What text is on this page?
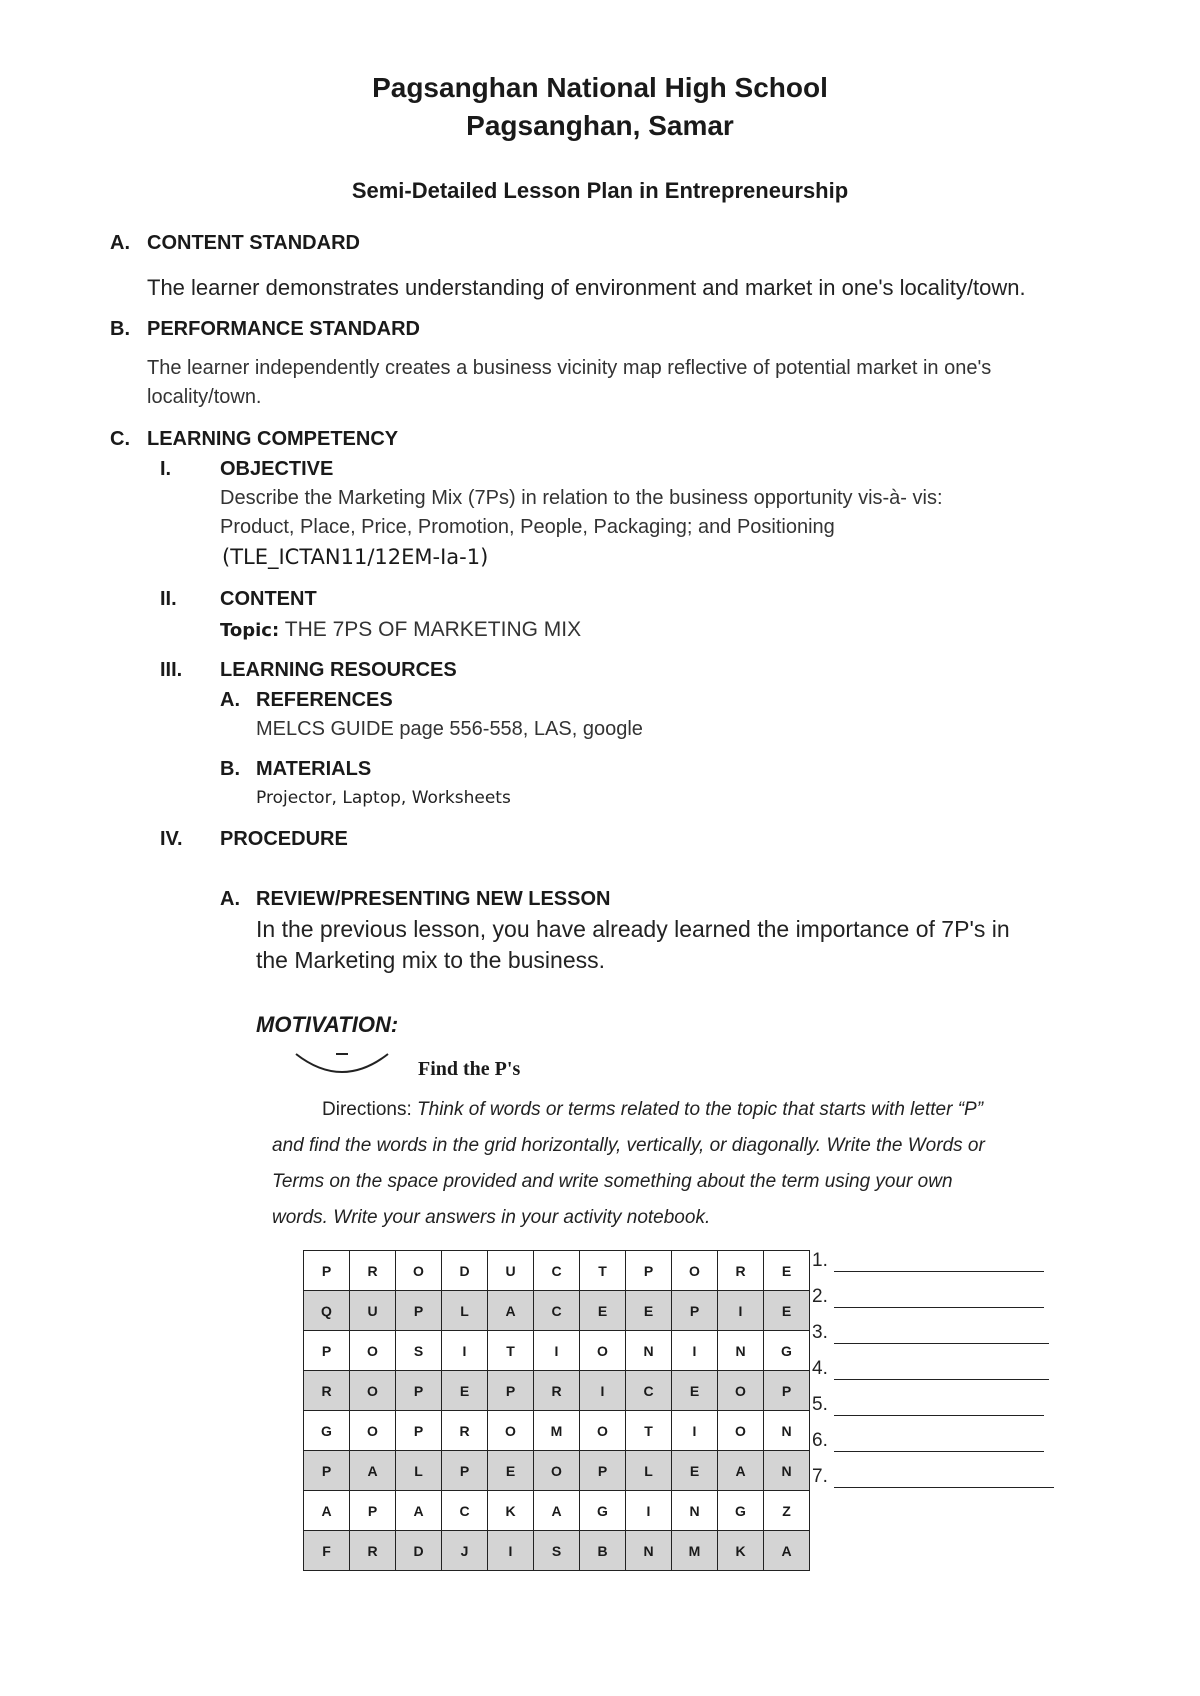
Pagsanghan National High School
Pagsanghan, Samar
Semi-Detailed Lesson Plan in Entrepreneurship
A. CONTENT STANDARD
The learner demonstrates understanding of environment and market in one's locality/town.
B. PERFORMANCE STANDARD
The learner independently creates a business vicinity map reflective of potential market in one's
locality/town.
C. LEARNING COMPETENCY
I. OBJECTIVE
Describe the Marketing Mix (7Ps) in relation to the business opportunity vis-à- vis:
Product, Place, Price, Promotion, People, Packaging; and Positioning
(TLE_ICTAN11/12EM-Ia-1)
II. CONTENT
Topic: THE 7PS OF MARKETING MIX
III. LEARNING RESOURCES
A. REFERENCES
MELCS GUIDE page 556-558, LAS, google
B. MATERIALS
Projector, Laptop, Worksheets
IV. PROCEDURE
A. REVIEW/PRESENTING NEW LESSON
In the previous lesson, you have already learned the importance of 7P's in
the Marketing mix to the business.
MOTIVATION:
Find the P's
Directions: Think of words or terms related to the topic that starts with letter “P”
and find the words in the grid horizontally, vertically, or diagonally. Write the Words or
Terms on the space provided and write something about the term using your own
words. Write your answers in your activity notebook.
P	R	O	D	U	C	T	P	O	R	E
Q	U	P	L	A	C	E	E	P	I	E
P	O	S	I	T	I	O	N	I	N	G
R	O	P	E	P	R	I	C	E	O	P
G	O	P	R	O	M	O	T	I	O	N
P	A	L	P	E	O	P	L	E	A	N
A	P	A	C	K	A	G	I	N	G	Z
F	R	D	J	I	S	B	N	M	K	A
1.
2.
3.
4.
5.
6.
7.
